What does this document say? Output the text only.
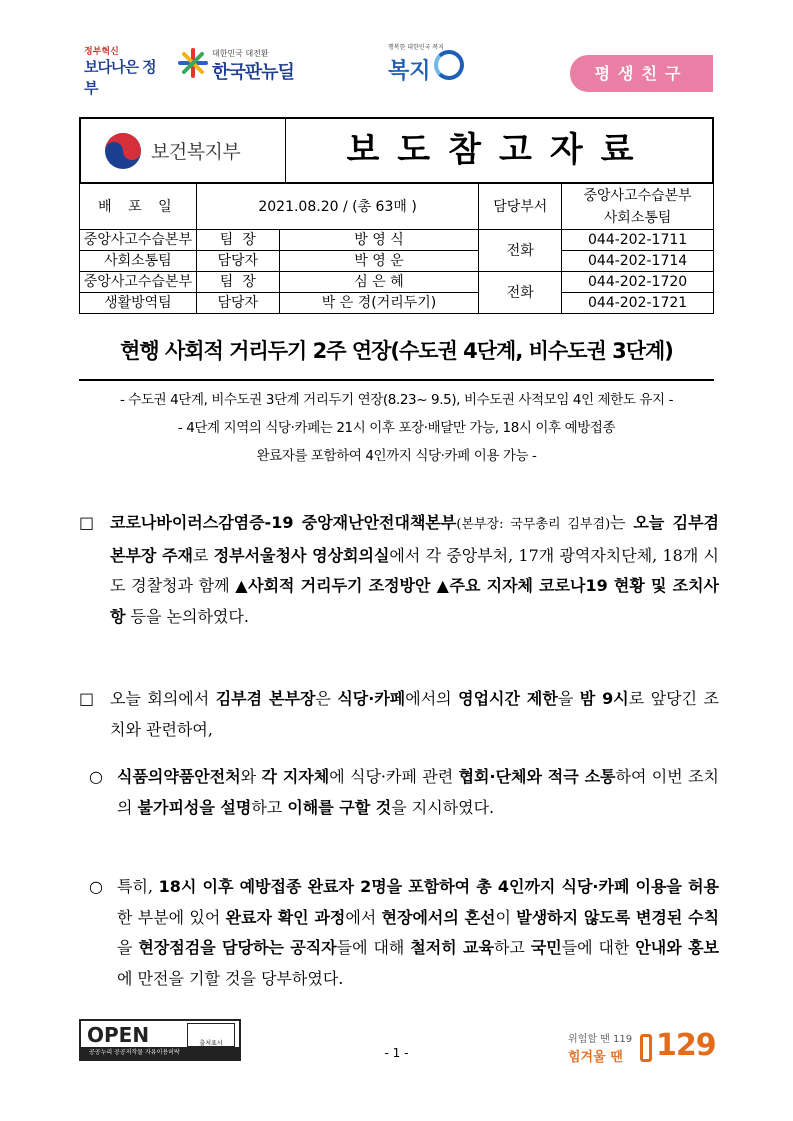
정부혁신
보다나은 정부
대한민국 대전환
한국판뉴딜
행복한 대한민국 복지
복지	평생친구
보건복지부	보도참고자료
배 포 일	2021.08.20 / (총 63매 )		담당부서	중앙사고수습본부
사회소통팀

중앙사고수습본부	팀  장	방 영 식	전화	044-202-1711
사회소통팀	담당자	박 영 운		044-202-1714
중앙사고수습본부	팀  장	심 은 혜	전화	044-202-1720
생활방역팀	담당자	박 은 경(거리두기)		044-202-1721
현행 사회적 거리두기 2주 연장(수도권 4단계, 비수도권 3단계)
- 수도권 4단계, 비수도권 3단계 거리두기 연장(8.23~ 9.5), 비수도권 사적모임 4인 제한도 유지 -
- 4단계 지역의 식당·카페는 21시 이후 포장·배달만 가능, 18시 이후 예방접종
완료자를 포함하여 4인까지 식당·카페 이용 가능 -
□ 코로나바이러스감염증-19 중앙재난안전대책본부(본부장: 국무총리 김부겸)는 오늘 김부겸 본부장 주재로 정부서울청사 영상회의실에서 각 중앙부처, 17개 광역자치단체, 18개 시도 경찰청과 함께 ▲사회적 거리두기 조정방안 ▲주요 지자체 코로나19 현황 및 조치사항 등을 논의하였다.
□ 오늘 회의에서 김부겸 본부장은 식당·카페에서의 영업시간 제한을 밤 9시로 앞당긴 조치와 관련하여,
○ 식품의약품안전처와 각 지자체에 식당·카페 관련 협회·단체와 적극 소통하여 이번 조치의 불가피성을 설명하고 이해를 구할 것을 지시하였다.
○ 특히, 18시 이후 예방접종 완료자 2명을 포함하여 총 4인까지 식당·카페 이용을 허용한 부분에 있어 완료자 확인 과정에서 현장에서의 혼선이 발생하지 않도록 변경된 수칙을 현장점검을 담당하는 공직자들에 대해 철저히 교육하고 국민들에 대한 안내와 홍보에 만전을 기할 것을 당부하였다.
OPEN	출처표시
공공누리 공공저작물 자유이용허락	- 1 -
위험할 땐 119
힘겨울 땐 129
